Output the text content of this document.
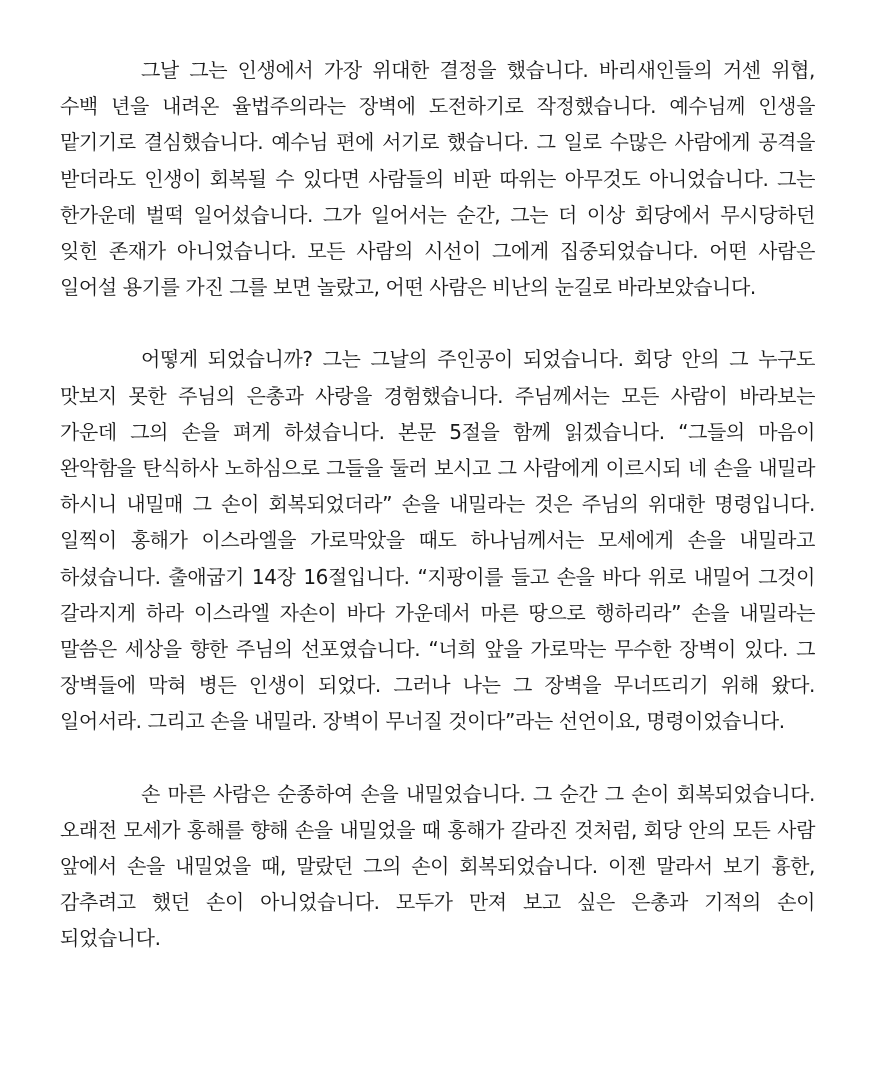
그날 그는 인생에서 가장 위대한 결정을 했습니다. 바리새인들의 거센 위협, 수백 년을 내려온 율법주의라는 장벽에 도전하기로 작정했습니다. 예수님께 인생을 맡기기로 결심했습니다. 예수님 편에 서기로 했습니다. 그 일로 수많은 사람에게 공격을 받더라도 인생이 회복될 수 있다면 사람들의 비판 따위는 아무것도 아니었습니다. 그는 한가운데 벌떡 일어섰습니다. 그가 일어서는 순간, 그는 더 이상 회당에서 무시당하던 잊힌 존재가 아니었습니다. 모든 사람의 시선이 그에게 집중되었습니다. 어떤 사람은 일어설 용기를 가진 그를 보면 놀랐고, 어떤 사람은 비난의 눈길로 바라보았습니다.

어떻게 되었습니까? 그는 그날의 주인공이 되었습니다. 회당 안의 그 누구도 맛보지 못한 주님의 은총과 사랑을 경험했습니다. 주님께서는 모든 사람이 바라보는 가운데 그의 손을 펴게 하셨습니다. 본문 5절을 함께 읽겠습니다. “그들의 마음이 완악함을 탄식하사 노하심으로 그들을 둘러 보시고 그 사람에게 이르시되 네 손을 내밀라 하시니 내밀매 그 손이 회복되었더라” 손을 내밀라는 것은 주님의 위대한 명령입니다. 일찍이 홍해가 이스라엘을 가로막았을 때도 하나님께서는 모세에게 손을 내밀라고 하셨습니다. 출애굽기 14장 16절입니다. “지팡이를 들고 손을 바다 위로 내밀어 그것이 갈라지게 하라 이스라엘 자손이 바다 가운데서 마른 땅으로 행하리라” 손을 내밀라는 말씀은 세상을 향한 주님의 선포였습니다. “너희 앞을 가로막는 무수한 장벽이 있다. 그 장벽들에 막혀 병든 인생이 되었다. 그러나 나는 그 장벽을 무너뜨리기 위해 왔다. 일어서라. 그리고 손을 내밀라. 장벽이 무너질 것이다”라는 선언이요, 명령이었습니다.

손 마른 사람은 순종하여 손을 내밀었습니다. 그 순간 그 손이 회복되었습니다. 오래전 모세가 홍해를 향해 손을 내밀었을 때 홍해가 갈라진 것처럼, 회당 안의 모든 사람 앞에서 손을 내밀었을 때, 말랐던 그의 손이 회복되었습니다. 이젠 말라서 보기 흉한, 감추려고 했던 손이 아니었습니다. 모두가 만져 보고 싶은 은총과 기적의 손이 되었습니다.
